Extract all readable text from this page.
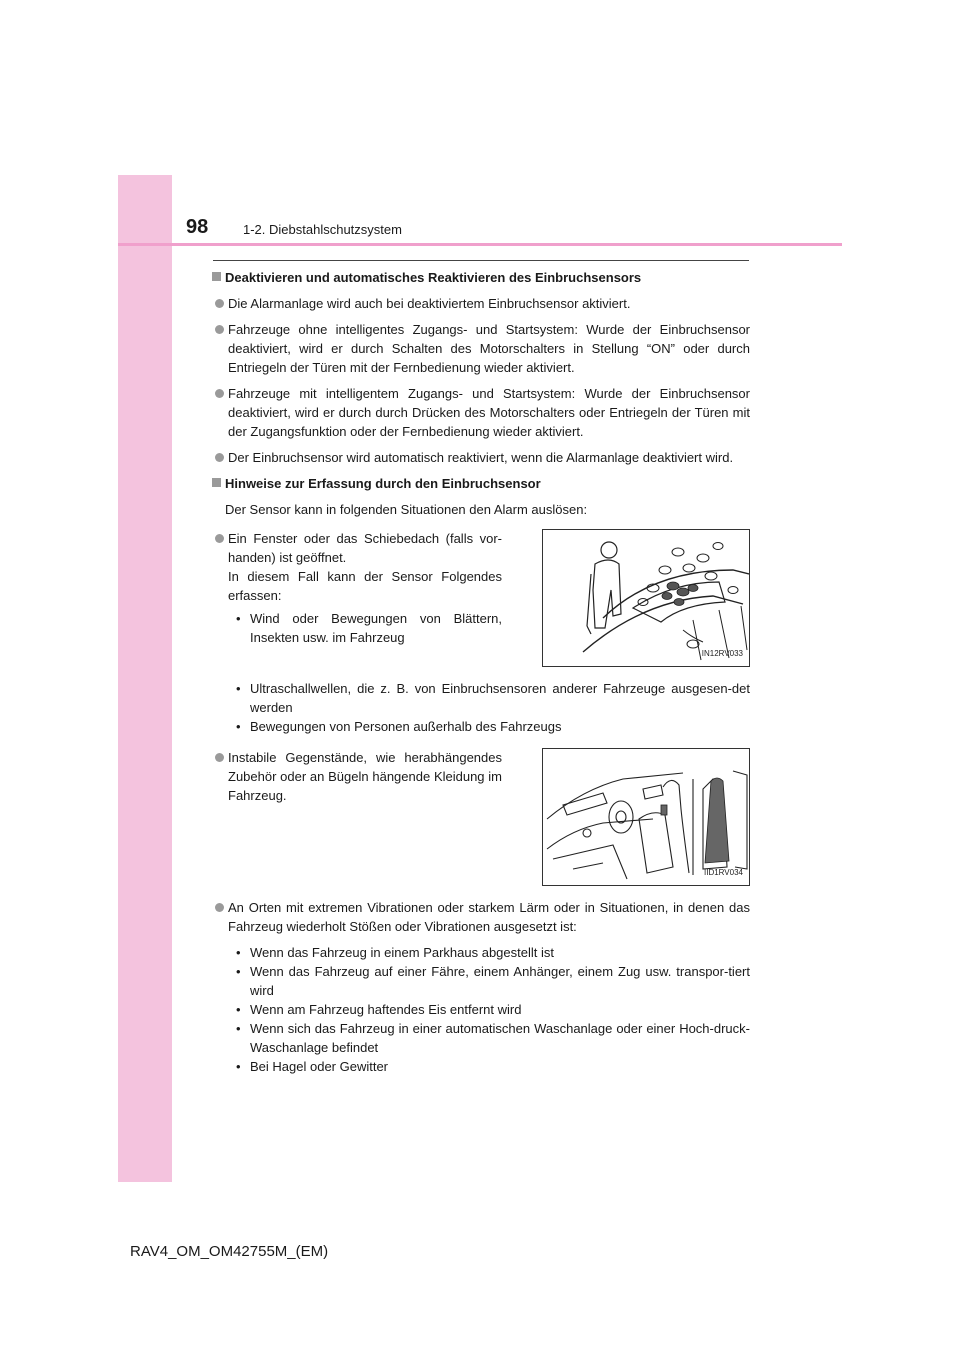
98	1-2. Diebstahlschutzsystem
Deaktivieren und automatisches Reaktivieren des Einbruchsensors
Die Alarmanlage wird auch bei deaktiviertem Einbruchsensor aktiviert.
Fahrzeuge ohne intelligentes Zugangs- und Startsystem: Wurde der Einbruchsensor deaktiviert, wird er durch Schalten des Motorschalters in Stellung “ON” oder durch Entriegeln der Türen mit der Fernbedienung wieder aktiviert.
Fahrzeuge mit intelligentem Zugangs- und Startsystem: Wurde der Einbruchsensor deaktiviert, wird er durch durch Drücken des Motorschalters oder Entriegeln der Türen mit der Zugangsfunktion oder der Fernbedienung wieder aktiviert.
Der Einbruchsensor wird automatisch reaktiviert, wenn die Alarmanlage deaktiviert wird.
Hinweise zur Erfassung durch den Einbruchsensor
Der Sensor kann in folgenden Situationen den Alarm auslösen:
Ein Fenster oder das Schiebedach (falls vor-handen) ist geöffnet.
In diesem Fall kann der Sensor Folgendes erfassen:
• Wind oder Bewegungen von Blättern, Insekten usw. im Fahrzeug
IN12RV033
• Ultraschallwellen, die z. B. von Einbruchsensoren anderer Fahrzeuge ausgesen-det werden
• Bewegungen von Personen außerhalb des Fahrzeugs
Instabile Gegenstände, wie herabhängendes Zubehör oder an Bügeln hängende Kleidung im Fahrzeug.
IID1RV034
An Orten mit extremen Vibrationen oder starkem Lärm oder in Situationen, in denen das Fahrzeug wiederholt Stößen oder Vibrationen ausgesetzt ist:
• Wenn das Fahrzeug in einem Parkhaus abgestellt ist
• Wenn das Fahrzeug auf einer Fähre, einem Anhänger, einem Zug usw. transpor-tiert wird
• Wenn am Fahrzeug haftendes Eis entfernt wird
• Wenn sich das Fahrzeug in einer automatischen Waschanlage oder einer Hoch-druck-Waschanlage befindet
• Bei Hagel oder Gewitter
RAV4_OM_OM42755M_(EM)
